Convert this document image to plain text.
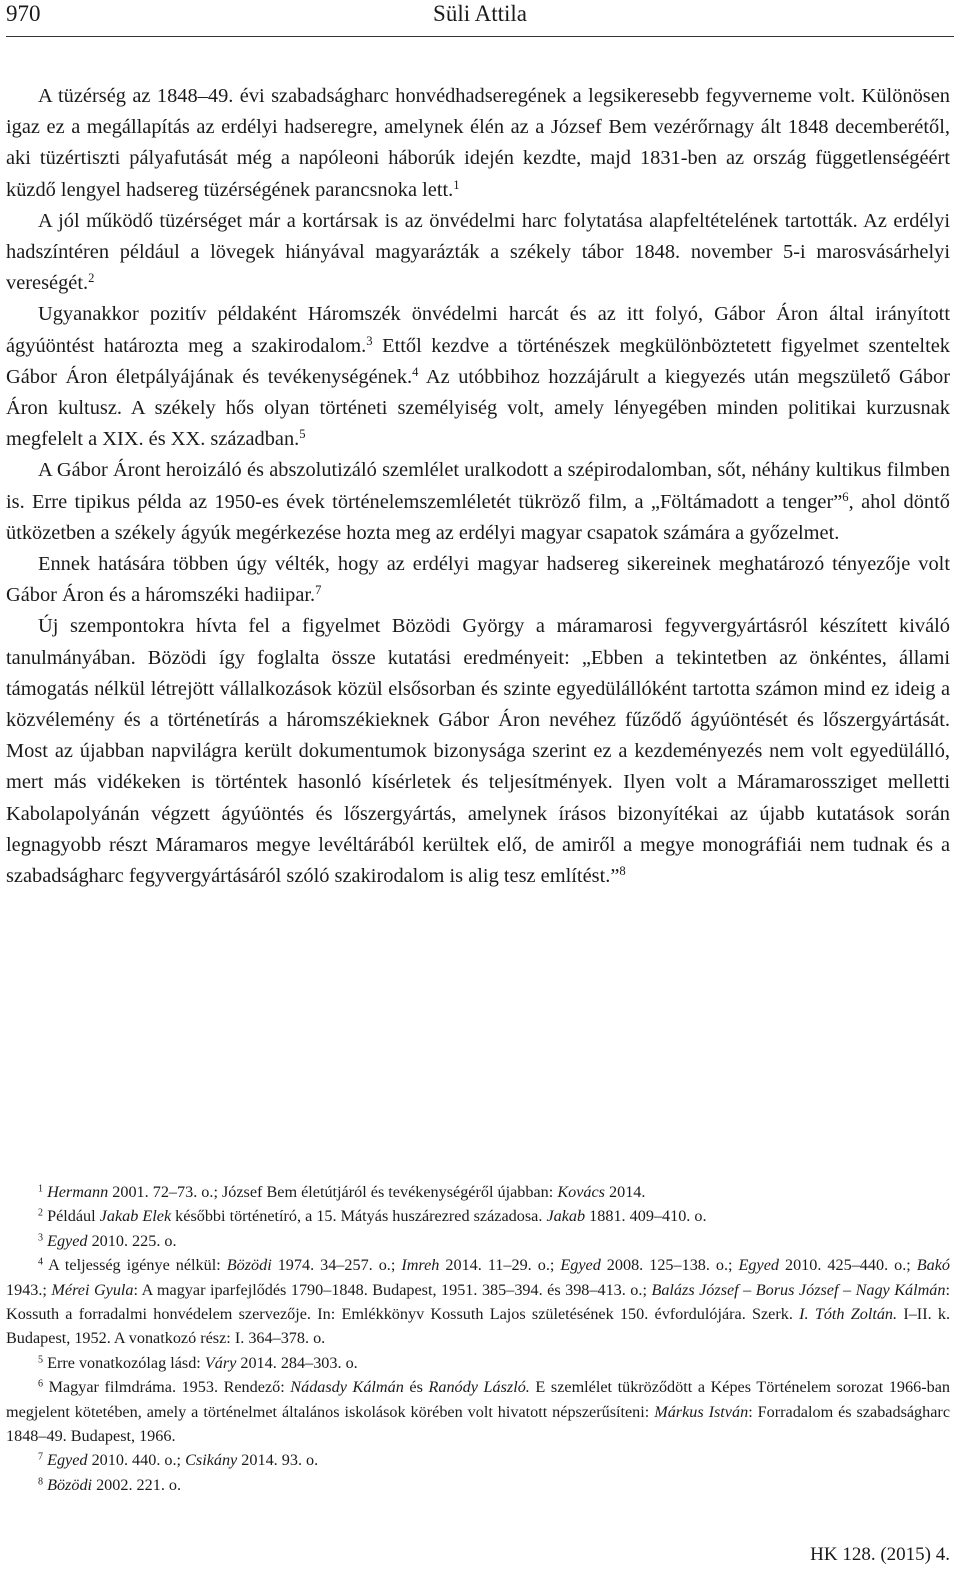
970	Süli Attila

A tüzérség az 1848–49. évi szabadságharc honvédhadseregének a legsikeresebb fegyverneme volt. Különösen igaz ez a megállapítás az erdélyi hadseregre, amelynek élén az a József Bem vezérőrnagy ált 1848 decemberétől, aki tüzértiszti pályafutását még a napóleoni háborúk idején kezdte, majd 1831-ben az ország függetlenségéért küzdő lengyel hadsereg tüzérségének parancsnoka lett.$^1$

A jól működő tüzérséget már a kortársak is az önvédelmi harc folytatása alapfeltételének tartották. Az erdélyi hadszíntéren például a lövegek hiányával magyarázták a székely tábor 1848. november 5-i marosvásárhelyi vereségét.$^2$

Ugyanakkor pozitív példaként Háromszék önvédelmi harcát és az itt folyó, Gábor Áron által irányított ágyúöntést határozta meg a szakirodalom.$^3$ Ettől kezdve a történészek megkülönböztetett figyelmet szenteltek Gábor Áron életpályájának és tevékenységének.$^4$ Az utóbbihoz hozzájárult a kiegyezés után megszülető Gábor Áron kultusz. A székely hős olyan történeti személyiség volt, amely lényegében minden politikai kurzusnak megfelelt a XIX. és XX. században.$^5$

A Gábor Áront heroizáló és abszolutizáló szemlélet uralkodott a szépirodalomban, sőt, néhány kultikus filmben is. Erre tipikus példa az 1950-es évek történelemszemléletét tükröző film, a „Föltámadott a tenger”$^6$, ahol döntő ütközetben a székely ágyúk megérkezése hozta meg az erdélyi magyar csapatok számára a győzelmet.

Ennek hatására többen úgy vélték, hogy az erdélyi magyar hadsereg sikereinek meghatározó tényezője volt Gábor Áron és a háromszéki hadiipar.$^7$

Új szempontokra hívta fel a figyelmet Bözödi György a máramarosi fegyvergyártásról készített kiváló tanulmányában. Bözödi így foglalta össze kutatási eredményeit: „Ebben a tekintetben az önkéntes, állami támogatás nélkül létrejött vállalkozások közül elsősorban és szinte egyedülállóként tartotta számon mind ez ideig a közvélemény és a történetírás a háromszékieknek Gábor Áron nevéhez fűződő ágyúöntését és lőszergyártását. Most az újabban napvilágra került dokumentumok bizonysága szerint ez a kezdeményezés nem volt egyedülálló, mert más vidékeken is történtek hasonló kísérletek és teljesítmények. Ilyen volt a Máramarossziget melletti Kabolapolyánán végzett ágyúöntés és lőszergyártás, amelynek írásos bizonyítékai az újabb kutatások során legnagyobb részt Máramaros megye levéltárából kerültek elő, de amiről a megye monográfiái nem tudnak és a szabadságharc fegyvergyártásáról szóló szakirodalom is alig tesz említést.”$^8$

$^1$ Hermann 2001. 72–73. o.; József Bem életútjáról és tevékenységéről újabban: Kovács 2014.

$^2$ Például Jakab Elek későbbi történetíró, a 15. Mátyás huszárezred századosa. Jakab 1881. 409–410. o.

$^3$ Egyed 2010. 225. o.

$^4$ A teljesség igénye nélkül: Bözödi 1974. 34–257. o.; Imreh 2014. 11–29. o.; Egyed 2008. 125–138. o.; Egyed 2010. 425–440. o.; Bakó 1943.; Mérei Gyula: A magyar iparfejlődés 1790–1848. Budapest, 1951. 385–394. és 398–413. o.; Balázs József – Borus József – Nagy Kálmán: Kossuth a forradalmi honvédelem szervezője. In: Emlékkönyv Kossuth Lajos születésének 150. évfordulójára. Szerk. I. Tóth Zoltán. I–II. k. Budapest, 1952. A vonatkozó rész: I. 364–378. o.

$^5$ Erre vonatkozólag lásd: Váry 2014. 284–303. o.

$^6$ Magyar filmdráma. 1953. Rendező: Nádasdy Kálmán és Ranódy László. E szemlélet tükröződött a Képes Történelem sorozat 1966-ban megjelent kötetében, amely a történelmet általános iskolások körében volt hivatott népszerűsíteni: Márkus István: Forradalom és szabadságharc 1848–49. Budapest, 1966.

$^7$ Egyed 2010. 440. o.; Csikány 2014. 93. o.

$^8$ Bözödi 2002. 221. o.

HK 128. (2015) 4.
